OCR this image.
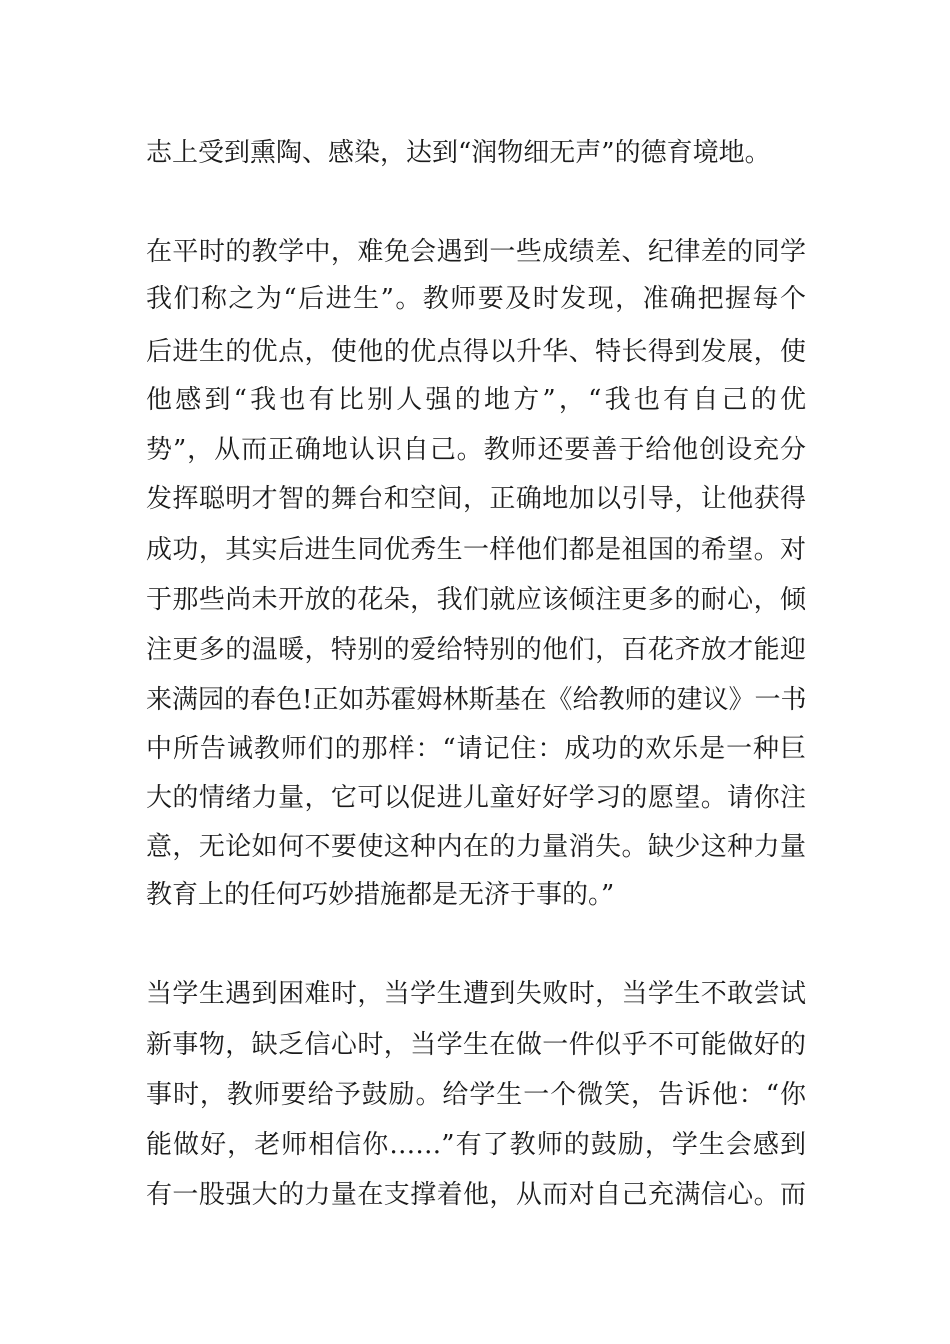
志上受到熏陶、感染，达到“润物细无声”的德育境地。
在平时的教学中，难免会遇到一些成绩差、纪律差的同学
我们称之为“后进生”。教师要及时发现，准确把握每个
后进生的优点，使他的优点得以升华、特长得到发展，使
他感到“我也有比别人强的地方”，“我也有自己的优
势”，从而正确地认识自己。教师还要善于给他创设充分
发挥聪明才智的舞台和空间，正确地加以引导，让他获得
成功，其实后进生同优秀生一样他们都是祖国的希望。对
于那些尚未开放的花朵，我们就应该倾注更多的耐心，倾
注更多的温暖，特别的爱给特别的他们，百花齐放才能迎
来满园的春色!正如苏霍姆林斯基在《给教师的建议》一书
中所告诫教师们的那样：“请记住：成功的欢乐是一种巨
大的情绪力量，它可以促进儿童好好学习的愿望。请你注
意，无论如何不要使这种内在的力量消失。缺少这种力量
教育上的任何巧妙措施都是无济于事的。”
当学生遇到困难时，当学生遭到失败时，当学生不敢尝试
新事物，缺乏信心时，当学生在做一件似乎不可能做好的
事时，教师要给予鼓励。给学生一个微笑，告诉他：“你
能做好，老师相信你……”有了教师的鼓励，学生会感到
有一股强大的力量在支撑着他，从而对自己充满信心。而
